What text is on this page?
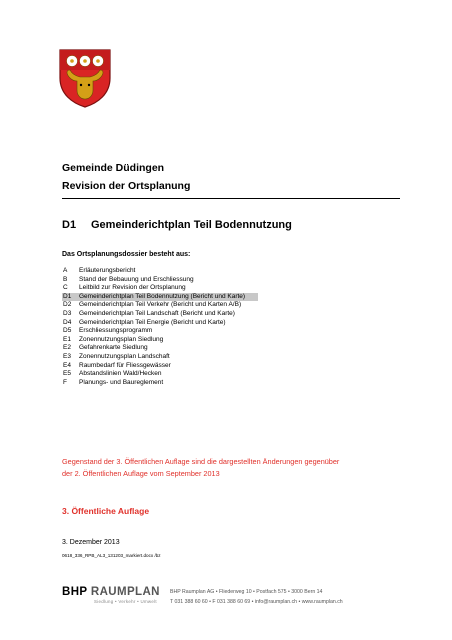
Gemeinde Düdingen
Revision der Ortsplanung
D1 Gemeinderichtplan Teil Bodennutzung
Das Ortsplanungsdossier besteht aus:
A Erläuterungsbericht
B Stand der Bebauung und Erschliessung
C Leitbild zur Revision der Ortsplanung
D1 Gemeinderichtplan Teil Bodennutzung (Bericht und Karte)
D2 Gemeinderichtplan Teil Verkehr (Bericht und Karten A/B)
D3 Gemeinderichtplan Teil Landschaft (Bericht und Karte)
D4 Gemeinderichtplan Teil Energie (Bericht und Karte)
D5 Erschliessungsprogramm
E1 Zonennutzungsplan Siedlung
E2 Gefahrenkarte Siedlung
E3 Zonennutzungsplan Landschaft
E4 Raumbedarf für Fliessgewässer
E5 Abstandslinien Wald/Hecken
F Planungs- und Baureglement
Gegenstand der 3. Öffentlichen Auflage sind die dargestellten Änderungen gegenüber
der 2. Öffentlichen Auflage vom September 2013
3. Öffentliche Auflage
3. Dezember 2013
0618_336_RPB_AL3_131203_markiert.docx /bz
BHP RAUMPLAN
Siedlung • Verkehr • Umwelt
BHP Raumplan AG • Fliederweg 10 • Postfach 575 • 3000 Bern 14
T 031 388 60 60 • F 031 388 60 69 • info@raumplan.ch • www.raumplan.ch
